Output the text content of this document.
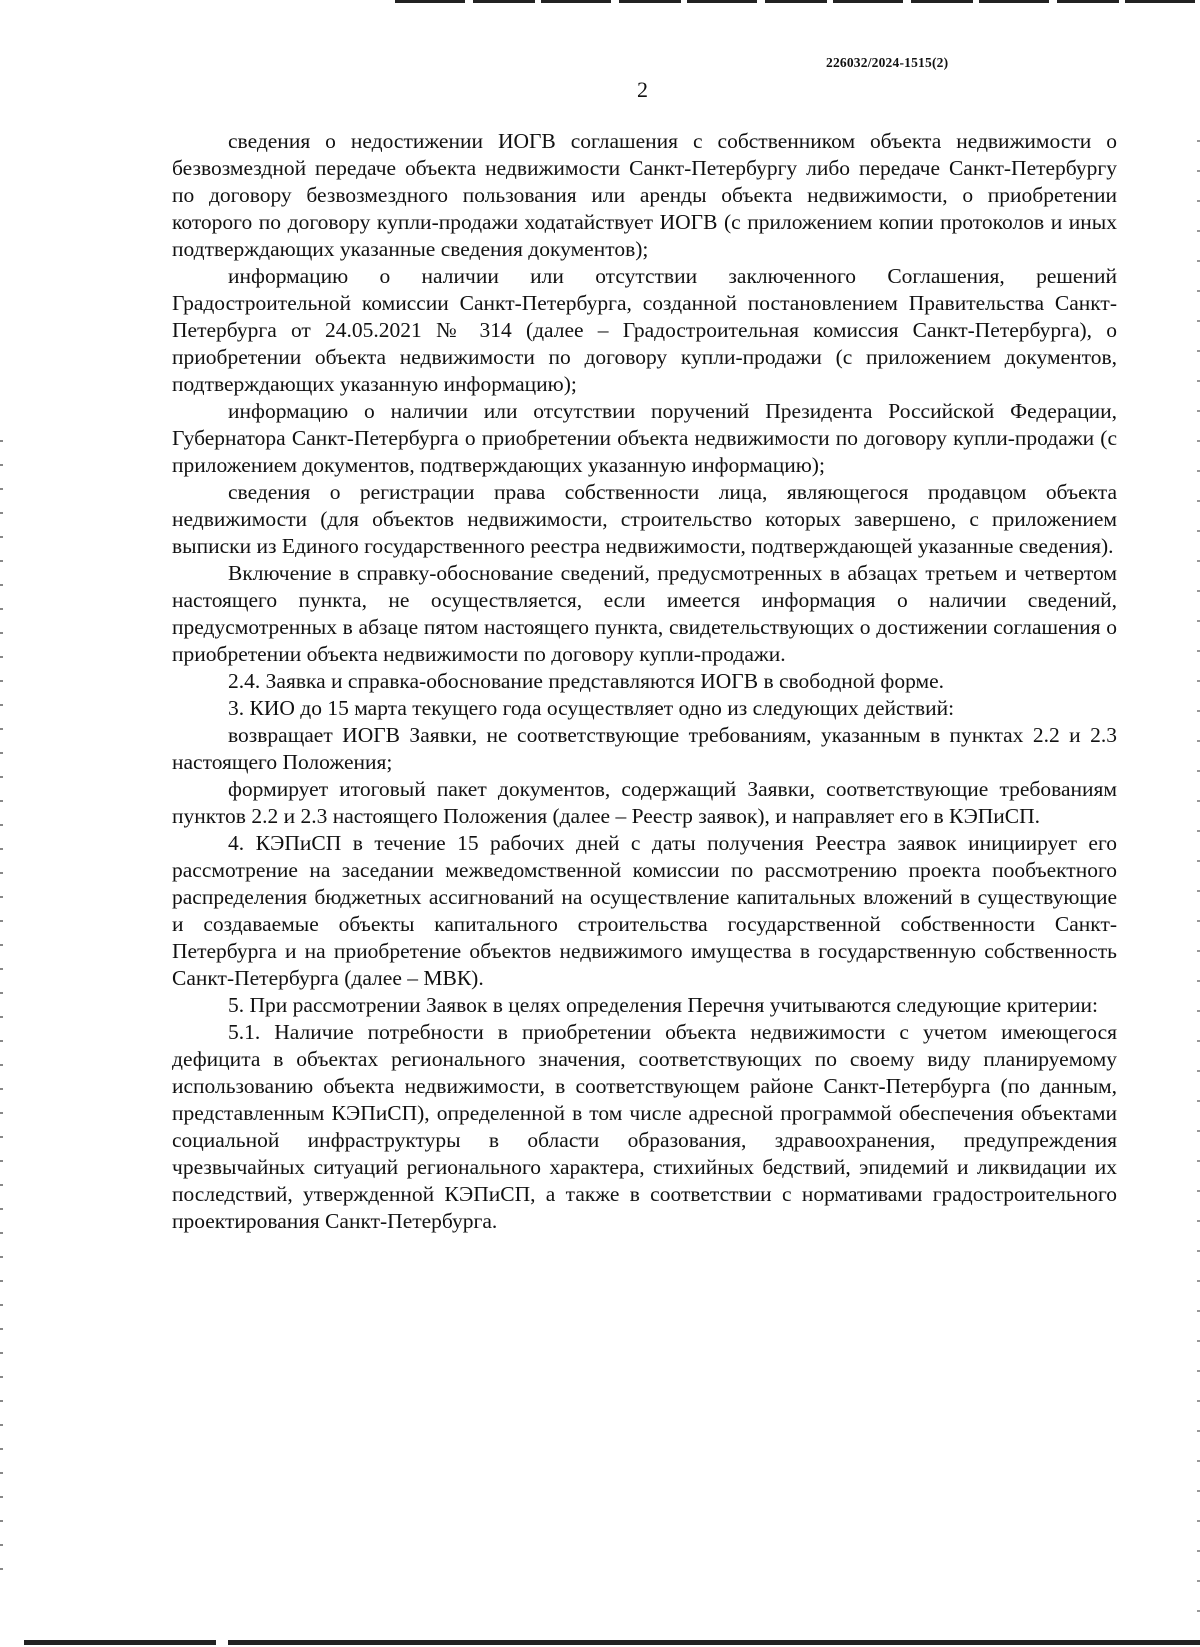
226032/2024-1515(2)
2

сведения о недостижении ИОГВ соглашения с собственником объекта недвижимости о безвозмездной передаче объекта недвижимости Санкт-Петербургу либо передаче Санкт-Петербургу по договору безвозмездного пользования или аренды объекта недвижимости, о приобретении которого по договору купли-продажи ходатайствует ИОГВ (с приложением копии протоколов и иных подтверждающих указанные сведения документов);

информацию о наличии или отсутствии заключенного Соглашения, решений Градостроительной комиссии Санкт-Петербурга, созданной постановлением Правительства Санкт-Петербурга от 24.05.2021 № 314 (далее – Градостроительная комиссия Санкт-Петербурга), о приобретении объекта недвижимости по договору купли-продажи (с приложением документов, подтверждающих указанную информацию);

информацию о наличии или отсутствии поручений Президента Российской Федерации, Губернатора Санкт-Петербурга о приобретении объекта недвижимости по договору купли-продажи (с приложением документов, подтверждающих указанную информацию);

сведения о регистрации права собственности лица, являющегося продавцом объекта недвижимости (для объектов недвижимости, строительство которых завершено, с приложением выписки из Единого государственного реестра недвижимости, подтверждающей указанные сведения).

Включение в справку-обоснование сведений, предусмотренных в абзацах третьем и четвертом настоящего пункта, не осуществляется, если имеется информация о наличии сведений, предусмотренных в абзаце пятом настоящего пункта, свидетельствующих о достижении соглашения о приобретении объекта недвижимости по договору купли-продажи.

2.4. Заявка и справка-обоснование представляются ИОГВ в свободной форме.

3. КИО до 15 марта текущего года осуществляет одно из следующих действий:

возвращает ИОГВ Заявки, не соответствующие требованиям, указанным в пунктах 2.2 и 2.3 настоящего Положения;

формирует итоговый пакет документов, содержащий Заявки, соответствующие требованиям пунктов 2.2 и 2.3 настоящего Положения (далее – Реестр заявок), и направляет его в КЭПиСП.

4. КЭПиСП в течение 15 рабочих дней с даты получения Реестра заявок инициирует его рассмотрение на заседании межведомственной комиссии по рассмотрению проекта пообъектного распределения бюджетных ассигнований на осуществление капитальных вложений в существующие и создаваемые объекты капитального строительства государственной собственности Санкт-Петербурга и на приобретение объектов недвижимого имущества в государственную собственность Санкт-Петербурга (далее – МВК).

5. При рассмотрении Заявок в целях определения Перечня учитываются следующие критерии:

5.1. Наличие потребности в приобретении объекта недвижимости с учетом имеющегося дефицита в объектах регионального значения, соответствующих по своему виду планируемому использованию объекта недвижимости, в соответствующем районе Санкт-Петербурга (по данным, представленным КЭПиСП), определенной в том числе адресной программой обеспечения объектами социальной инфраструктуры в области образования, здравоохранения, предупреждения чрезвычайных ситуаций регионального характера, стихийных бедствий, эпидемий и ликвидации их последствий, утвержденной КЭПиСП, а также в соответствии с нормативами градостроительного проектирования Санкт-Петербурга.
